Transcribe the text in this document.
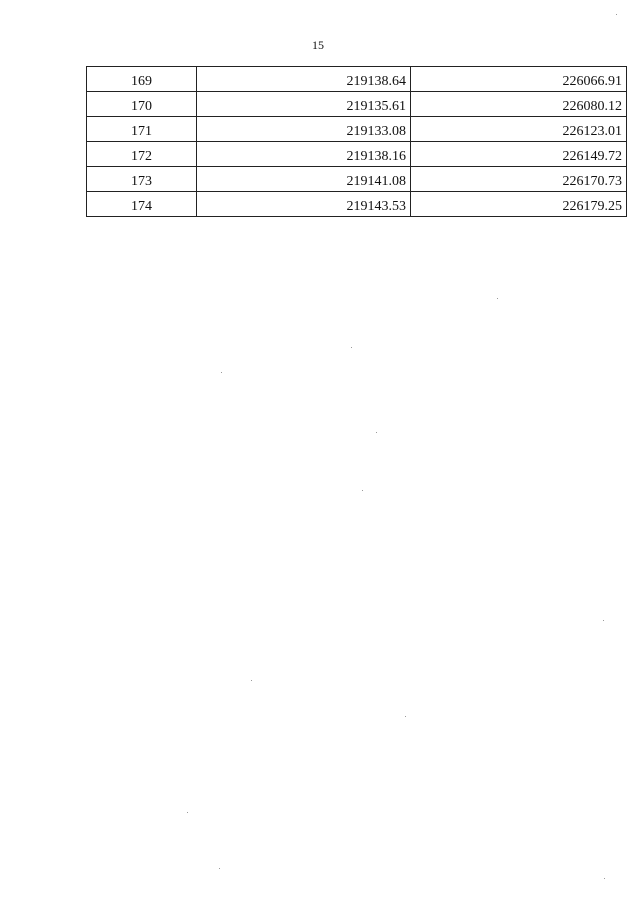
15
169	219138.64	226066.91
170	219135.61	226080.12
171	219133.08	226123.01
172	219138.16	226149.72
173	219141.08	226170.73
174	219143.53	226179.25
